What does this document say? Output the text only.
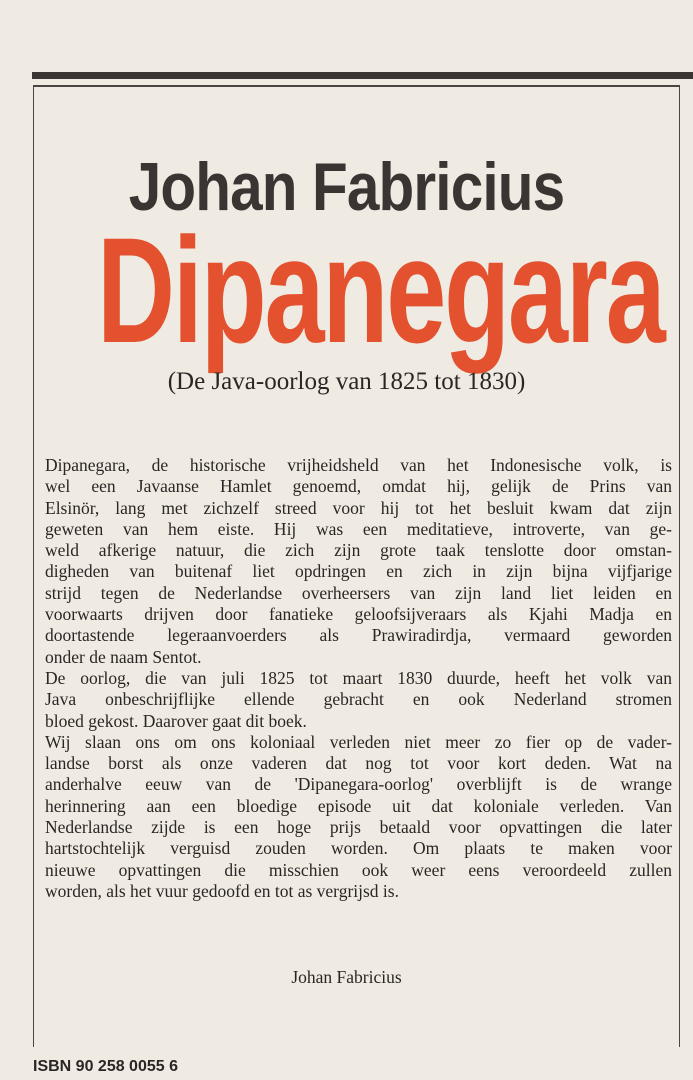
Johan Fabricius
Dipanegara
(De Java-oorlog van 1825 tot 1830)
Dipanegara, de historische vrijheidsheld van het Indonesische volk, is
wel een Javaanse Hamlet genoemd, omdat hij, gelijk de Prins van
Elsinör, lang met zichzelf streed voor hij tot het besluit kwam dat zijn
geweten van hem eiste. Hij was een meditatieve, introverte, van ge-
weld afkerige natuur, die zich zijn grote taak tenslotte door omstan-
digheden van buitenaf liet opdringen en zich in zijn bijna vijfjarige
strijd tegen de Nederlandse overheersers van zijn land liet leiden en
voorwaarts drijven door fanatieke geloofsijveraars als Kjahi Madja en
doortastende legeraanvoerders als Prawiradirdja, vermaard geworden
onder de naam Sentot.
De oorlog, die van juli 1825 tot maart 1830 duurde, heeft het volk van
Java onbeschrijflijke ellende gebracht en ook Nederland stromen
bloed gekost. Daarover gaat dit boek.
Wij slaan ons om ons koloniaal verleden niet meer zo fier op de vader-
landse borst als onze vaderen dat nog tot voor kort deden. Wat na
anderhalve eeuw van de 'Dipanegara-oorlog' overblijft is de wrange
herinnering aan een bloedige episode uit dat koloniale verleden. Van
Nederlandse zijde is een hoge prijs betaald voor opvattingen die later
hartstochtelijk verguisd zouden worden. Om plaats te maken voor
nieuwe opvattingen die misschien ook weer eens veroordeeld zullen
worden, als het vuur gedoofd en tot as vergrijsd is.
Johan Fabricius
ISBN 90 258 0055 6
